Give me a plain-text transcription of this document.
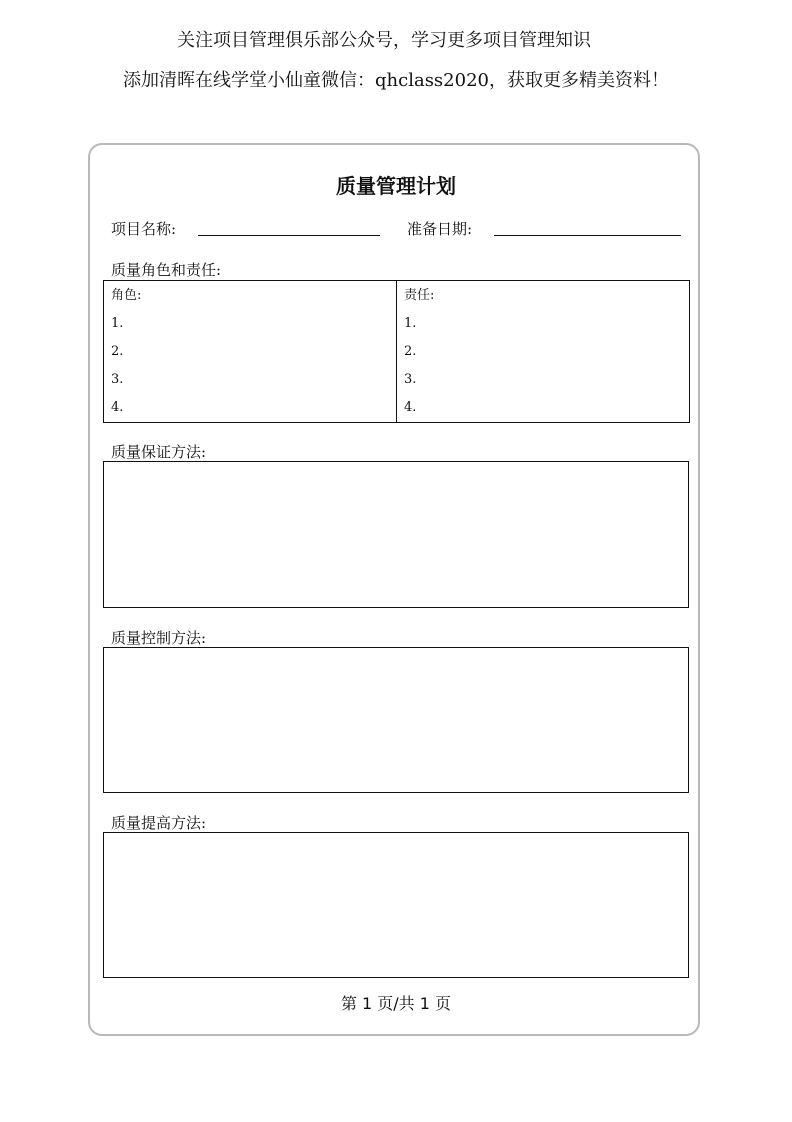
关注项目管理俱乐部公众号，学习更多项目管理知识
添加清晖在线学堂小仙童微信：qhclass2020，获取更多精美资料！
质量管理计划
项目名称:	准备日期:
质量角色和责任:
角色:
1.
2.
3.
4.
责任:
1.
2.
3.
4.
质量保证方法:
质量控制方法:
质量提高方法:
第 1 页/共 1 页
